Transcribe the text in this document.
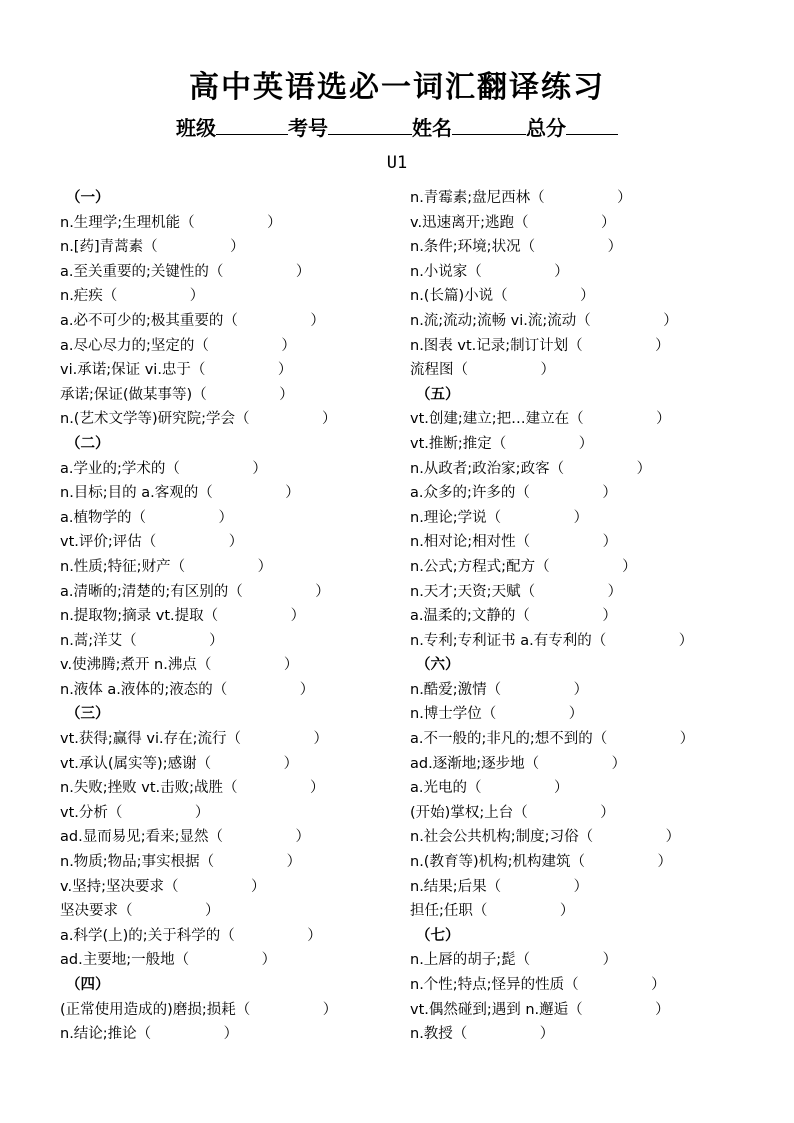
高中英语选必一词汇翻译练习
班级	考号	姓名	总分
U1
（一）
n.生理学;生理机能（　　　　　）
n.[药]青蒿素（　　　　　）
a.至关重要的;关键性的（　　　　　）
n.疟疾（　　　　　）
a.必不可少的;极其重要的（　　　　　）
a.尽心尽力的;坚定的（　　　　　）
vi.承诺;保证 vi.忠于（　　　　　）
承诺;保证(做某事等)（　　　　　）
n.(艺术文学等)研究院;学会（　　　　　）
（二）
a.学业的;学术的（　　　　　）
n.目标;目的 a.客观的（　　　　　）
a.植物学的（　　　　　）
vt.评价;评估（　　　　　）
n.性质;特征;财产（　　　　　）
a.清晰的;清楚的;有区别的（　　　　　）
n.提取物;摘录 vt.提取（　　　　　）
n.蒿;洋艾（　　　　　）
v.使沸腾;煮开 n.沸点（　　　　　）
n.液体 a.液体的;液态的（　　　　　）
（三）
vt.获得;赢得 vi.存在;流行（　　　　　）
vt.承认(属实等);感谢（　　　　　）
n.失败;挫败 vt.击败;战胜（　　　　　）
vt.分析（　　　　　）
ad.显而易见;看来;显然（　　　　　）
n.物质;物品;事实根据（　　　　　）
v.坚持;坚决要求（　　　　　）
坚决要求（　　　　　）
a.科学(上)的;关于科学的（　　　　　）
ad.主要地;一般地（　　　　　）
（四）
(正常使用造成的)磨损;损耗（　　　　　）
n.结论;推论（　　　　　）
n.青霉素;盘尼西林（　　　　　）
v.迅速离开;逃跑（　　　　　）
n.条件;环境;状况（　　　　　）
n.小说家（　　　　　）
n.(长篇)小说（　　　　　）
n.流;流动;流畅 vi.流;流动（　　　　　）
n.图表 vt.记录;制订计划（　　　　　）
流程图（　　　　　）
（五）
vt.创建;建立;把…建立在（　　　　　）
vt.推断;推定（　　　　　）
n.从政者;政治家;政客（　　　　　）
a.众多的;许多的（　　　　　）
n.理论;学说（　　　　　）
n.相对论;相对性（　　　　　）
n.公式;方程式;配方（　　　　　）
n.天才;天资;天赋（　　　　　）
a.温柔的;文静的（　　　　　）
n.专利;专利证书 a.有专利的（　　　　　）
（六）
n.酷爱;激情（　　　　　）
n.博士学位（　　　　　）
a.不一般的;非凡的;想不到的（　　　　　）
ad.逐渐地;逐步地（　　　　　）
a.光电的（　　　　　）
(开始)掌权;上台（　　　　　）
n.社会公共机构;制度;习俗（　　　　　）
n.(教育等)机构;机构建筑（　　　　　）
n.结果;后果（　　　　　）
担任;任职（　　　　　）
（七）
n.上唇的胡子;髭（　　　　　）
n.个性;特点;怪异的性质（　　　　　）
vt.偶然碰到;遇到 n.邂逅（　　　　　）
n.教授（　　　　　）
